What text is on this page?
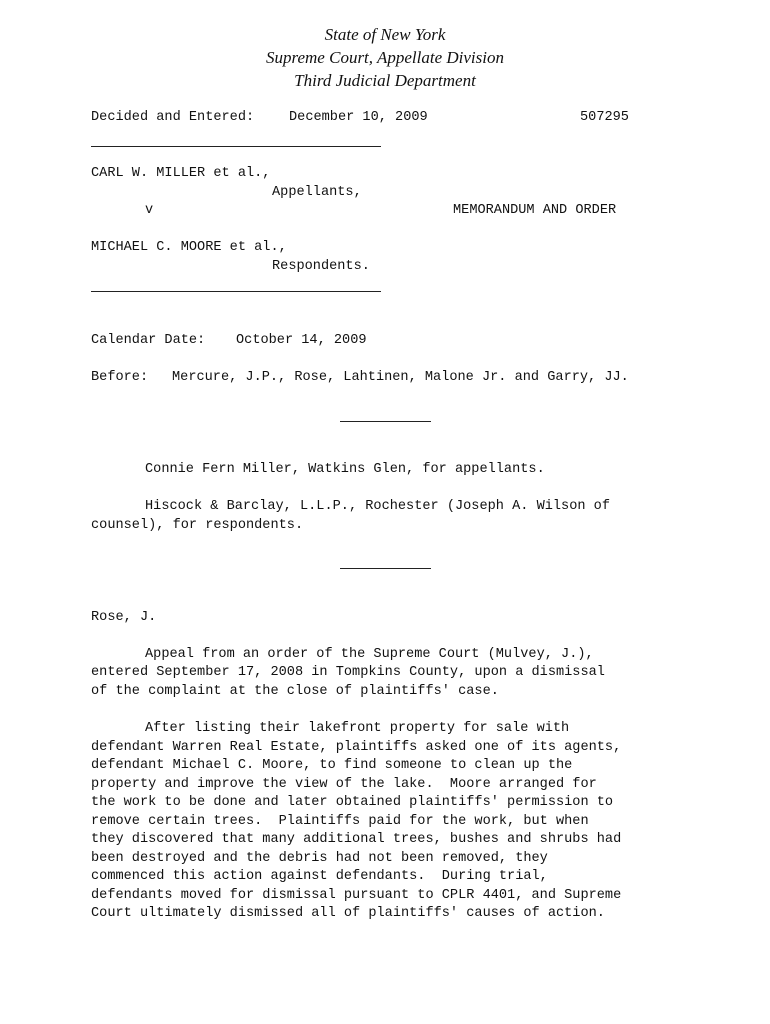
State of New York
Supreme Court, Appellate Division
Third Judicial Department
Decided and Entered:	December 10, 2009	507295
CARL W. MILLER et al.,
Appellants,
v	MEMORANDUM AND ORDER
MICHAEL C. MOORE et al.,
Respondents.
Calendar Date: October 14, 2009
Before: Mercure, J.P., Rose, Lahtinen, Malone Jr. and Garry, JJ.
Connie Fern Miller, Watkins Glen, for appellants.
Hiscock & Barclay, L.L.P., Rochester (Joseph A. Wilson of
counsel), for respondents.
Rose, J.
Appeal from an order of the Supreme Court (Mulvey, J.),
entered September 17, 2008 in Tompkins County, upon a dismissal
of the complaint at the close of plaintiffs' case.
After listing their lakefront property for sale with
defendant Warren Real Estate, plaintiffs asked one of its agents,
defendant Michael C. Moore, to find someone to clean up the
property and improve the view of the lake.  Moore arranged for
the work to be done and later obtained plaintiffs' permission to
remove certain trees.  Plaintiffs paid for the work, but when
they discovered that many additional trees, bushes and shrubs had
been destroyed and the debris had not been removed, they
commenced this action against defendants.  During trial,
defendants moved for dismissal pursuant to CPLR 4401, and Supreme
Court ultimately dismissed all of plaintiffs' causes of action.
